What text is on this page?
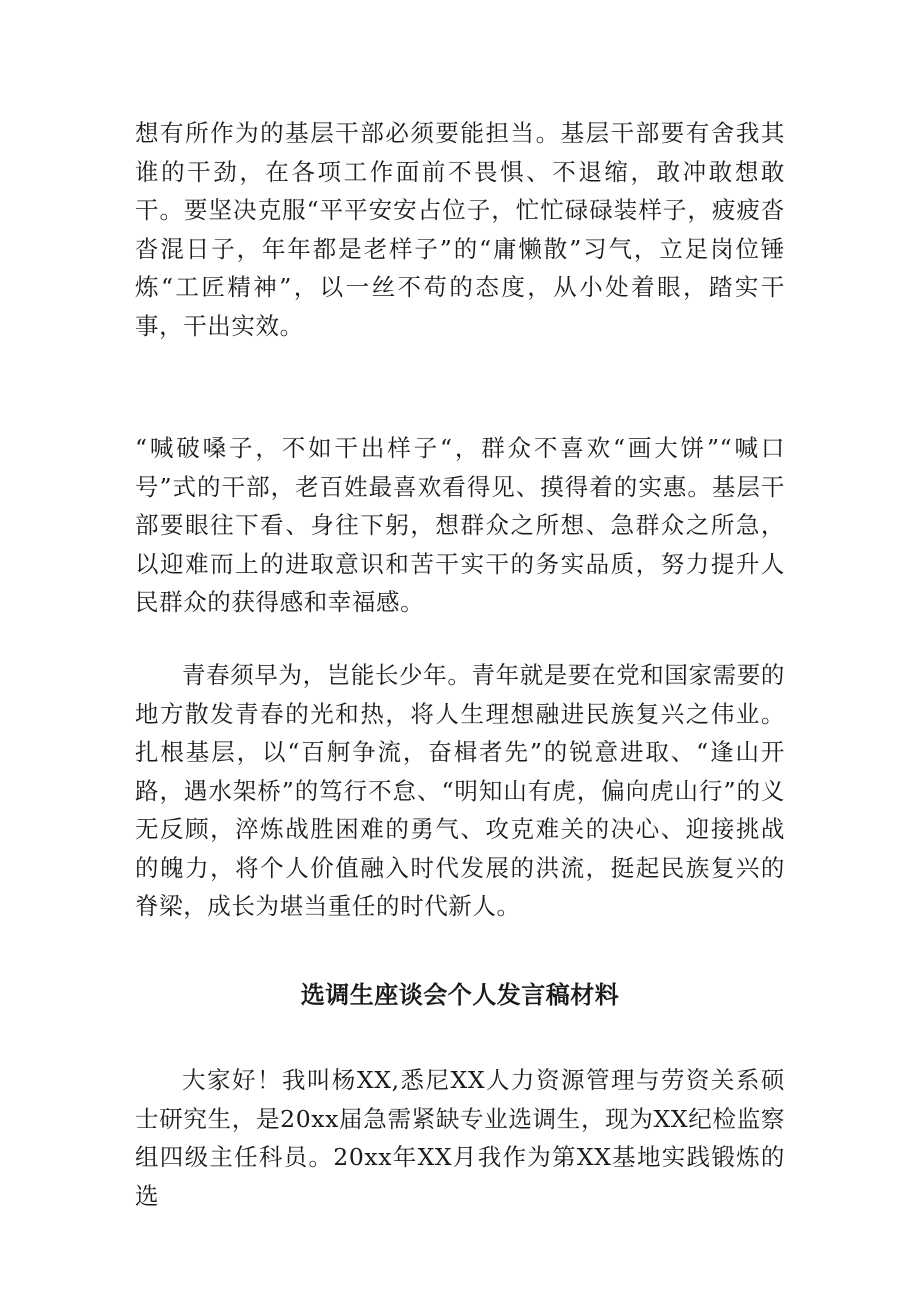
想有所作为的基层干部必须要能担当。基层干部要有舍我其谁的干劲，在各项工作面前不畏惧、不退缩，敢冲敢想敢干。要坚决克服“平平安安占位子，忙忙碌碌装样子，疲疲沓沓混日子，年年都是老样子”的“庸懒散”习气，立足岗位锤炼“工匠精神”，以一丝不苟的态度，从小处着眼，踏实干事，干出实效。

“喊破嗓子，不如干出样子“，群众不喜欢“画大饼”“喊口号”式的干部，老百姓最喜欢看得见、摸得着的实惠。基层干部要眼往下看、身往下躬，想群众之所想、急群众之所急，以迎难而上的进取意识和苦干实干的务实品质，努力提升人民群众的获得感和幸福感。

青春须早为，岂能长少年。青年就是要在党和国家需要的地方散发青春的光和热，将人生理想融进民族复兴之伟业。扎根基层，以“百舸争流，奋楫者先”的锐意进取、“逢山开路，遇水架桥”的笃行不怠、“明知山有虎，偏向虎山行”的义无反顾，淬炼战胜困难的勇气、攻克难关的决心、迎接挑战的魄力，将个人价值融入时代发展的洪流，挺起民族复兴的脊梁，成长为堪当重任的时代新人。

选调生座谈会个人发言稿材料

大家好！我叫杨XX,悉尼XX人力资源管理与劳资关系硕士研究生，是20xx届急需紧缺专业选调生，现为XX纪检监察组四级主任科员。20xx年XX月我作为第XX基地实践锻炼的选
